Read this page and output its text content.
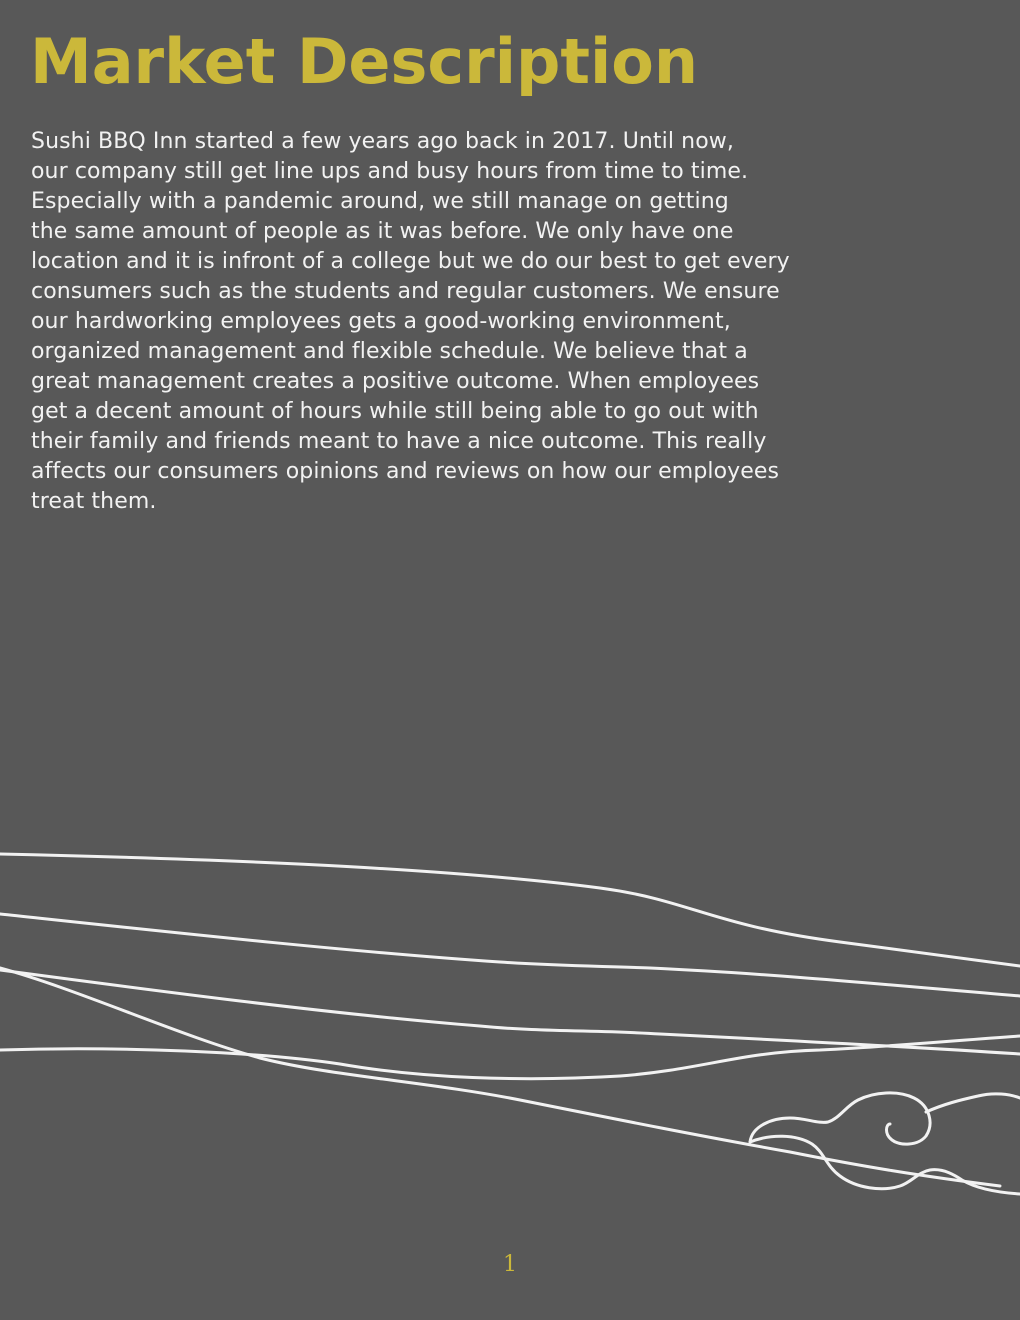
Market Description
Sushi BBQ Inn started a few years ago back in 2017. Until now,
our company still get line ups and busy hours from time to time.
Especially with a pandemic around, we still manage on getting
the same amount of people as it was before. We only have one
location and it is infront of a college but we do our best to get every
consumers such as the students and regular customers. We ensure
our hardworking employees gets a good-working environment,
organized management and flexible schedule. We believe that a
great management creates a positive outcome. When employees
get a decent amount of hours while still being able to go out with
their family and friends meant to have a nice outcome. This really
affects our consumers opinions and reviews on how our employees
treat them.
1
